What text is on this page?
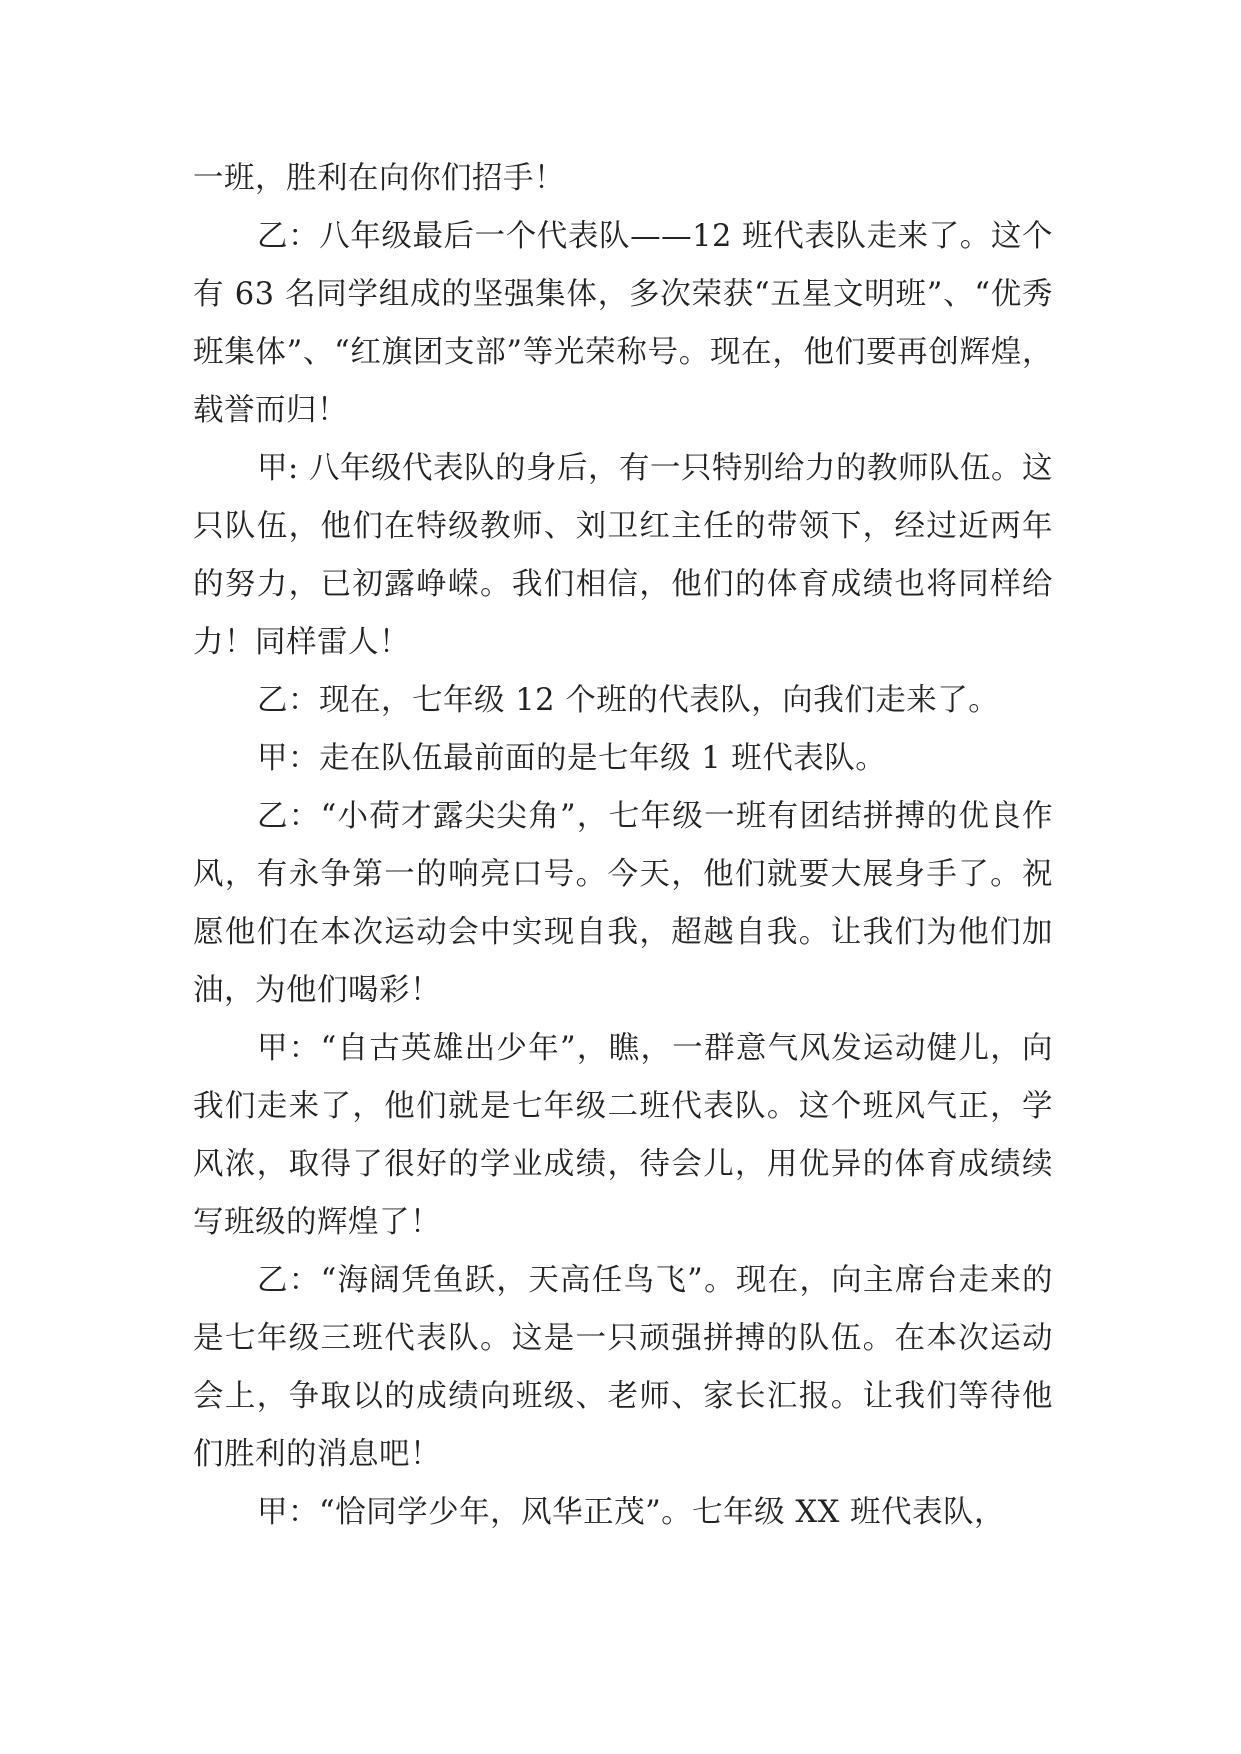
一班，胜利在向你们招手！

乙：八年级最后一个代表队——12 班代表队走来了。这个有 63 名同学组成的坚强集体，多次荣获“五星文明班”、“优秀班集体”、“红旗团支部”等光荣称号。现在，他们要再创辉煌，载誉而归！

甲: 八年级代表队的身后，有一只特别给力的教师队伍。这只队伍，他们在特级教师、刘卫红主任的带领下，经过近两年的努力，已初露峥嵘。我们相信，他们的体育成绩也将同样给力！同样雷人！

乙：现在，七年级 12 个班的代表队，向我们走来了。

甲：走在队伍最前面的是七年级 1 班代表队。

乙：“小荷才露尖尖角”，七年级一班有团结拼搏的优良作风，有永争第一的响亮口号。今天，他们就要大展身手了。祝愿他们在本次运动会中实现自我，超越自我。让我们为他们加油，为他们喝彩！

甲：“自古英雄出少年”，瞧，一群意气风发运动健儿，向我们走来了，他们就是七年级二班代表队。这个班风气正，学风浓，取得了很好的学业成绩，待会儿，用优异的体育成绩续写班级的辉煌了！

乙：“海阔凭鱼跃，天高任鸟飞”。现在，向主席台走来的是七年级三班代表队。这是一只顽强拼搏的队伍。在本次运动会上，争取以的成绩向班级、老师、家长汇报。让我们等待他们胜利的消息吧！

甲：“恰同学少年，风华正茂”。七年级 XX 班代表队，
